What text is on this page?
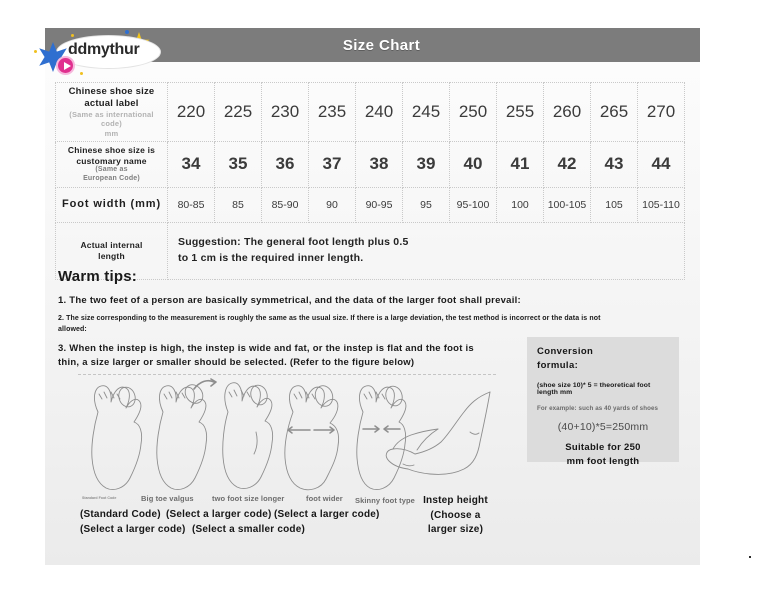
Size Chart
ddmythur
Chinese shoe size
actual label
(Same as international code)
mm	220	225	230	235	240	245	250	255	260	265	270
Chinese shoe size is
customary name
(Same as
European Code)	34	35	36	37	38	39	40	41	42	43	44
Foot width (mm)	80-85	85	85-90	90	90-95	95	95-100	100	100-105	105	105-110
Actual internal
length	Suggestion: The general foot length plus 0.5
to 1 cm is the required inner length.										
Warm tips:
1. The two feet of a person are basically symmetrical, and the data of the larger foot shall prevail:
2. The size corresponding to the measurement is roughly the same as the usual size. If there is a large deviation, the test method is incorrect or the data is not
allowed:
3. When the instep is high, the instep is wide and fat, or the instep is flat and the foot is thin, a size larger or smaller should be selected. (Refer to the figure below)
Conversion
formula:
(shoe size 10)* 5 = theoretical foot length mm
For example: such as 40 yards of shoes
(40+10)*5=250mm
Suitable for 250
mm foot length
Standard Foot Code	Big toe valgus two foot size longer	foot wider Skinny foot type
(Standard Code) (Select a larger code) (Select a larger code)
(Select a larger code) (Select a smaller code)
Instep height
(Choose a
larger size)
